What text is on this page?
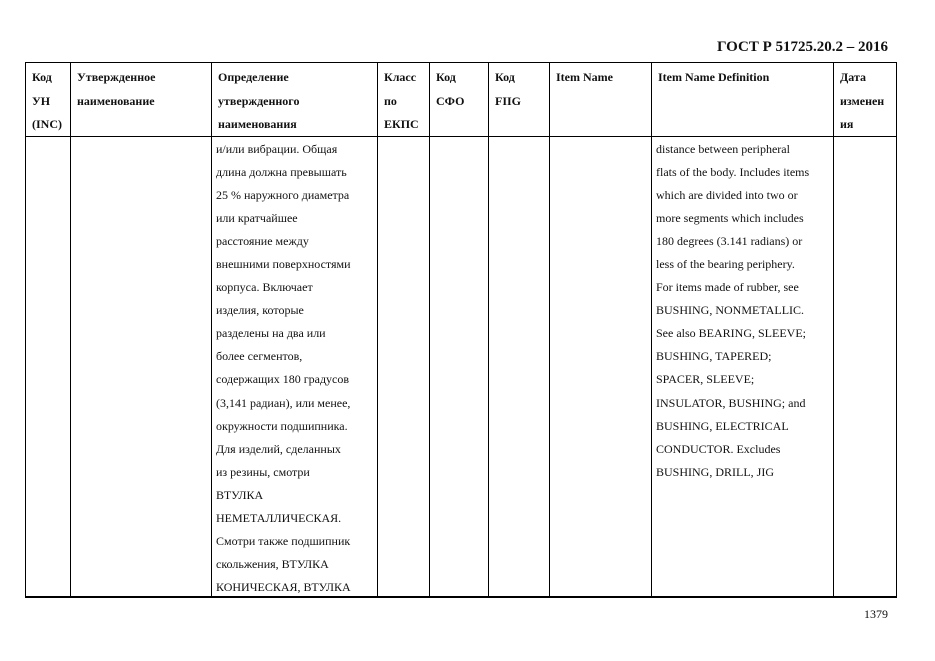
ГОСТ Р 51725.20.2 – 2016
Код
УН
(INC)
Утвержденное
наименование
Определение
утвержденного
наименования
Класс
по
ЕКПС
Код
СФО
Код
FIIG
Item Name	Item Name Definition	Дата
изменен
ия
и/или вибрации. Общая
длина должна превышать
25 % наружного диаметра
или кратчайшее
расстояние между
внешними поверхностями
корпуса. Включает
изделия, которые
разделены на два или
более сегментов,
содержащих 180 градусов
(3,141 радиан), или менее,
окружности подшипника.
Для изделий, сделанных
из резины, смотри
ВТУЛКА
НЕМЕТАЛЛИЧЕСКАЯ.
Смотри также подшипник
скольжения, ВТУЛКА
КОНИЧЕСКАЯ, ВТУЛКА
distance between peripheral
flats of the body. Includes items
which are divided into two or
more segments which includes
180 degrees (3.141 radians) or
less of the bearing periphery.
For items made of rubber, see
BUSHING, NONMETALLIC.
See also BEARING, SLEEVE;
BUSHING, TAPERED;
SPACER, SLEEVE;
INSULATOR, BUSHING; and
BUSHING, ELECTRICAL
CONDUCTOR. Excludes
BUSHING, DRILL, JIG
1379
